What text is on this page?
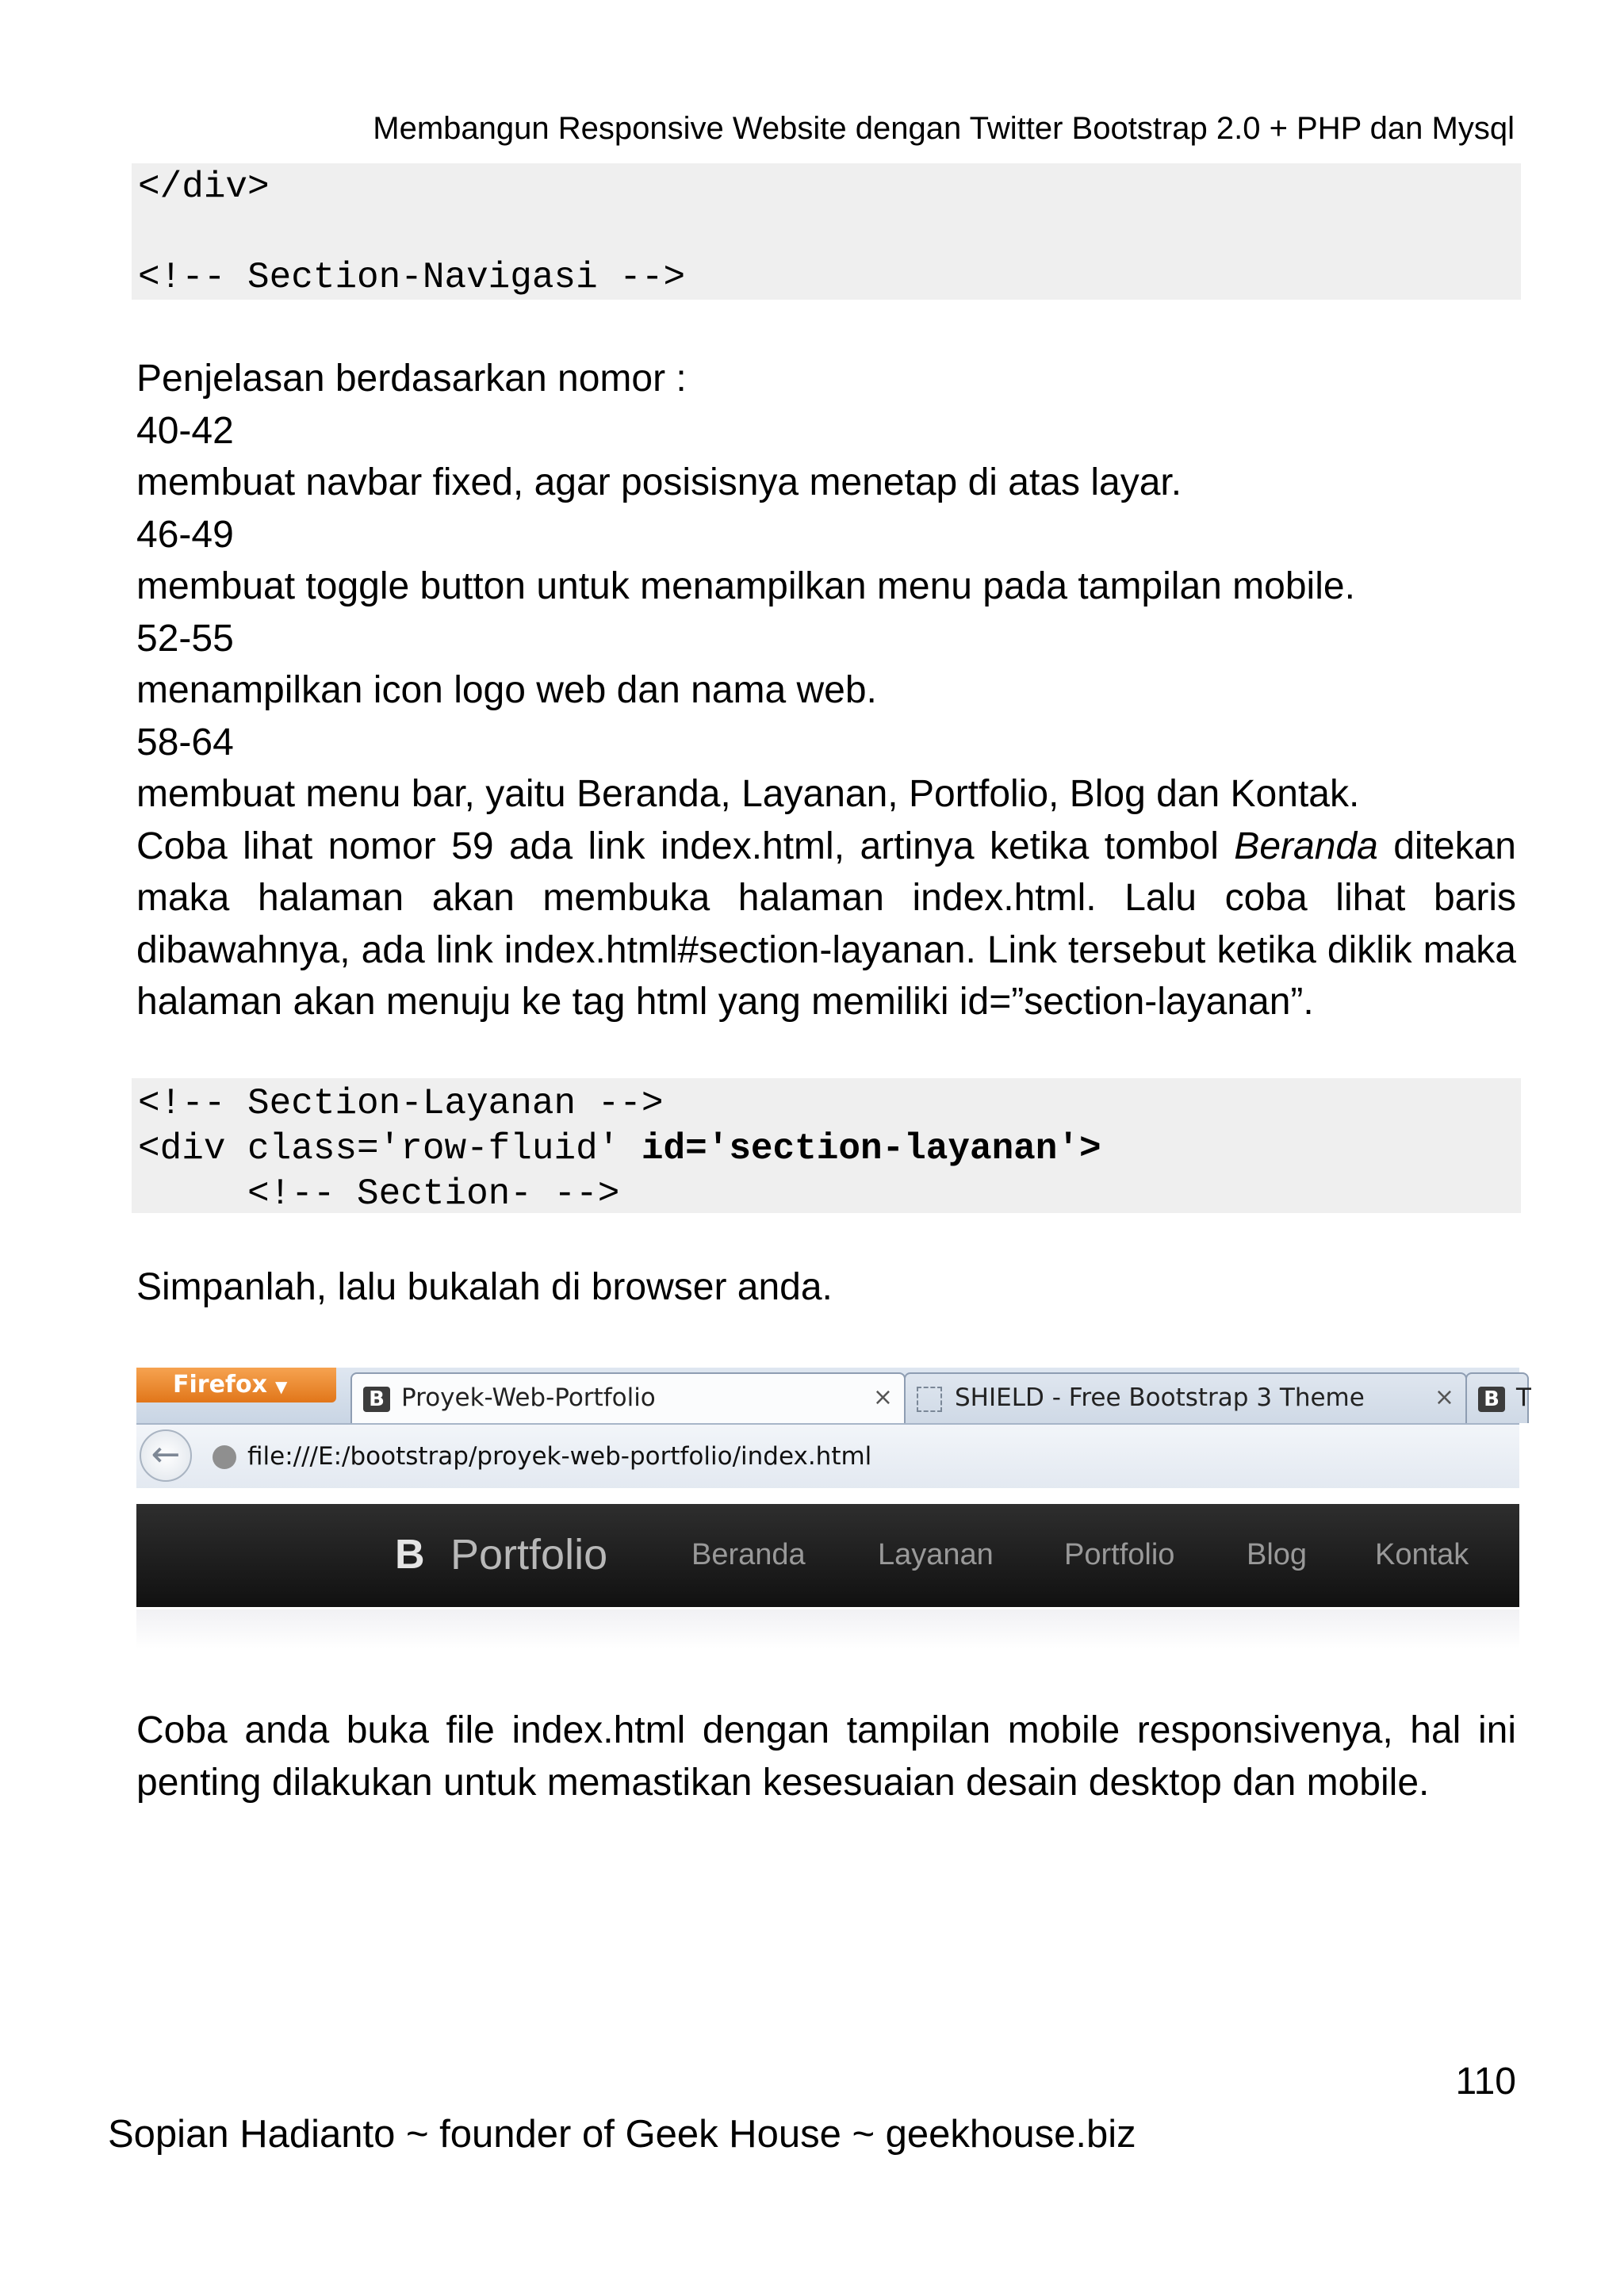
Membangun Responsive Website dengan Twitter Bootstrap 2.0 + PHP dan Mysql
</div>
<!-- Section-Navigasi -->
Penjelasan berdasarkan nomor :
40-42
membuat navbar fixed, agar posisisnya menetap di atas layar.
46-49
membuat toggle button untuk menampilkan menu pada tampilan mobile.
52-55
menampilkan icon logo web dan nama web.
58-64
membuat menu bar, yaitu Beranda, Layanan, Portfolio, Blog dan Kontak.
Coba lihat nomor 59 ada link index.html, artinya ketika tombol Beranda ditekan
maka halaman akan membuka halaman index.html. Lalu coba lihat baris
dibawahnya, ada link index.html#section-layanan. Link tersebut ketika diklik maka
halaman akan menuju ke tag html yang memiliki id=”section-layanan”.
<!-- Section-Layanan -->
<div class='row-fluid' id='section-layanan'>
<!-- Section- -->
Simpanlah, lalu bukalah di browser anda.
Firefox ▼
B Proyek-Web-Portfolio	×	SHIELD - Free Bootstrap 3 Theme	× B T
←	file:///E:/bootstrap/proyek-web-portfolio/index.html
B Portfolio	Beranda Layanan Portfolio Blog Kontak
Coba anda buka file index.html dengan tampilan mobile responsivenya, hal ini
penting dilakukan untuk memastikan kesesuaian desain desktop dan mobile.
110
Sopian Hadianto ~ founder of Geek House ~ geekhouse.biz
